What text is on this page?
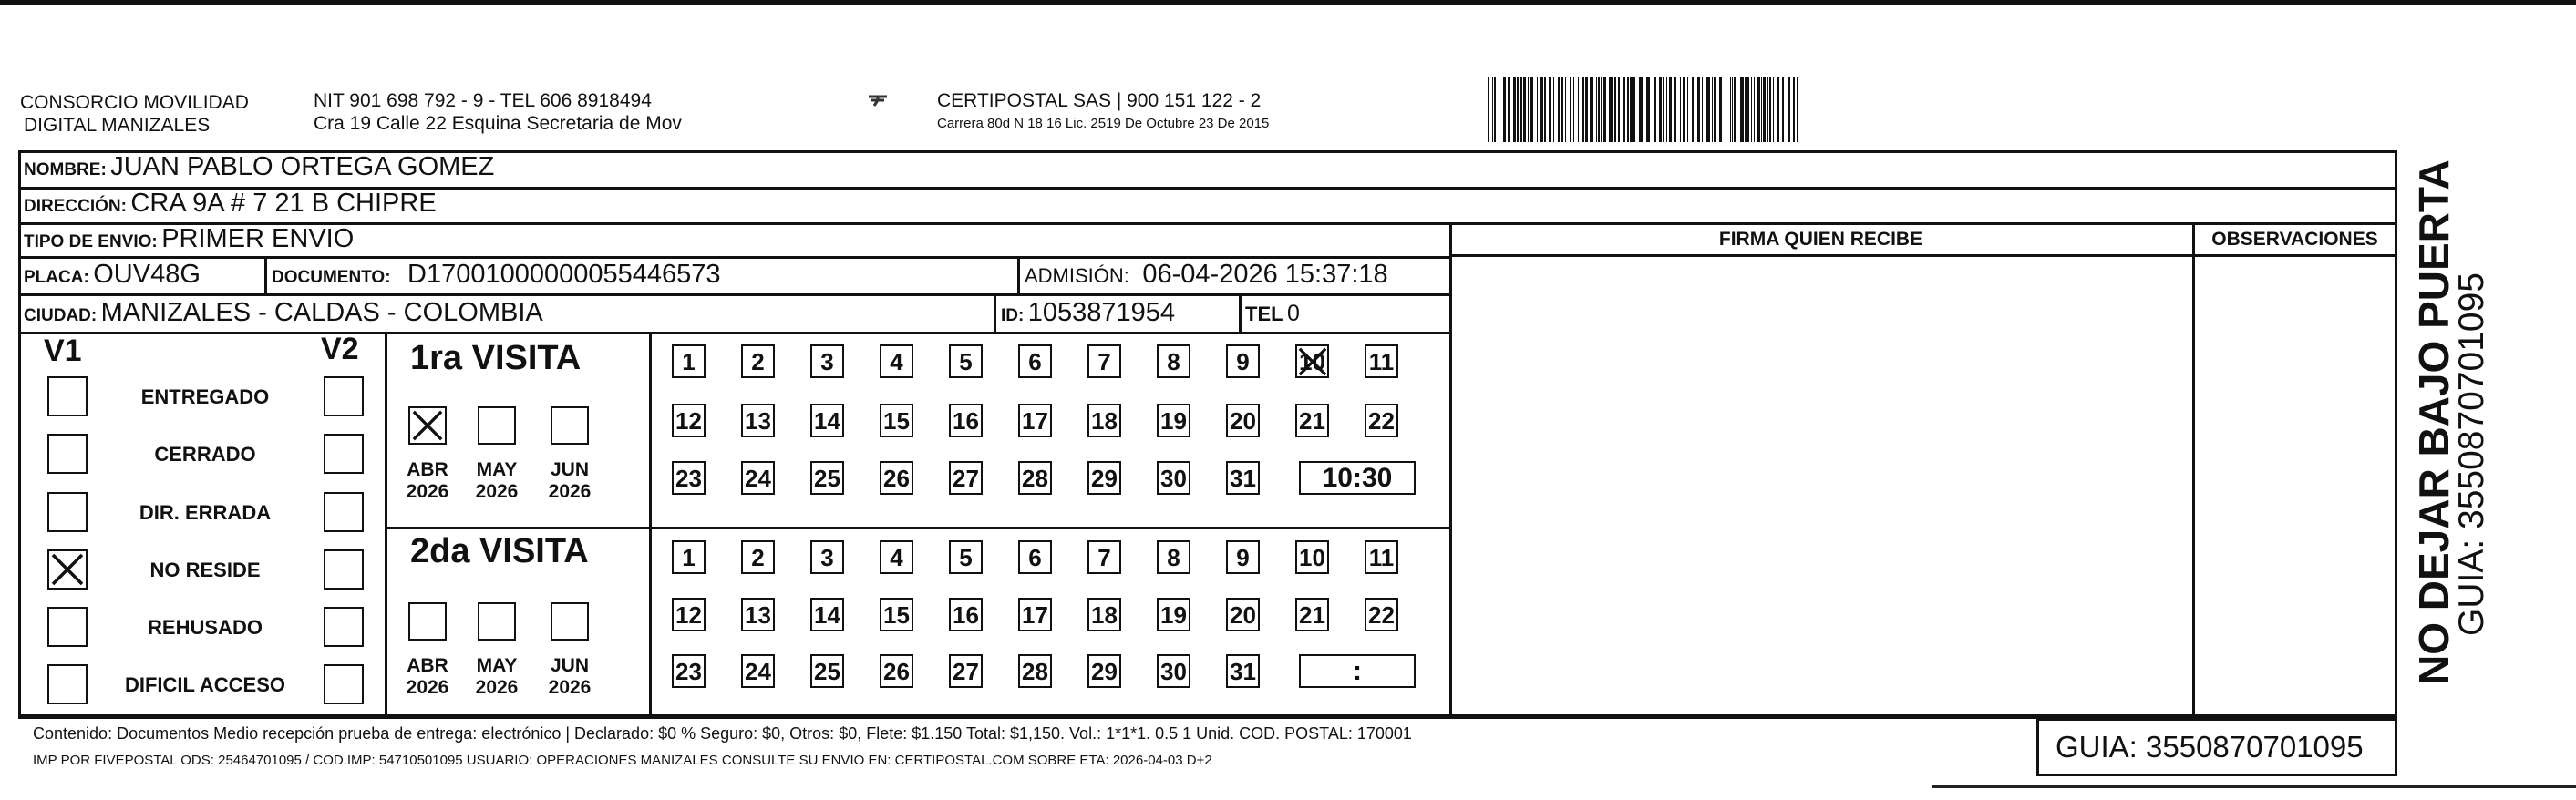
CONSORCIO MOVILIDAD
DIGITAL MANIZALES
NIT 901 698 792 - 9 - TEL 606 8918494
Cra 19 Calle 22 Esquina Secretaria de Mov
CERTIPOSTAL SAS | 900 151 122 - 2
Carrera 80d N 18 16 Lic. 2519 De Octubre 23 De 2015
NOMBRE: JUAN PABLO ORTEGA GOMEZ
DIRECCIÓN: CRA 9A # 7 21 B CHIPRE
TIPO DE ENVIO: PRIMER ENVIO	FIRMA QUIEN RECIBE	OBSERVACIONES
PLACA: OUV48G	DOCUMENTO: D17001000000055446573	ADMISIÓN: 06-04-2026 15:37:18
CIUDAD: MANIZALES - CALDAS - COLOMBIA	ID: 1053871954	TEL 0
V1	V2
ENTREGADO
CERRADO
DIR. ERRADA
NO RESIDE
REHUSADO
DIFICIL ACCESO
1ra VISITA
2da VISITA
ABR
2026
MAY
2026
JUN
2026
ABR
2026
MAY
2026
JUN
2026
1	2	3	4	5	6	7	8	9	10 11
12 13 14 15 16 17 18 19 20 21 22
23 24 25 26 27 28 29 30 31	10:30
1	2	3	4	5	6	7	8	9	10 11
12 13 14 15 16 17 18 19 20 21 22
23 24 25 26 27 28 29 30 31	:
Contenido: Documentos Medio recepción prueba de entrega: electrónico | Declarado: $0 % Seguro: $0, Otros: $0, Flete: $1.150 Total: $1,150. Vol.: 1*1*1. 0.5 1 Unid. COD. POSTAL: 170001
IMP POR FIVEPOSTAL ODS: 25464701095 / COD.IMP: 54710501095 USUARIO: OPERACIONES MANIZALES CONSULTE SU ENVIO EN: CERTIPOSTAL.COM SOBRE ETA: 2026-04-03 D+2	GUIA: 3550870701095
NO DEJAR BAJO PUERTA
GUIA: 3550870701095
